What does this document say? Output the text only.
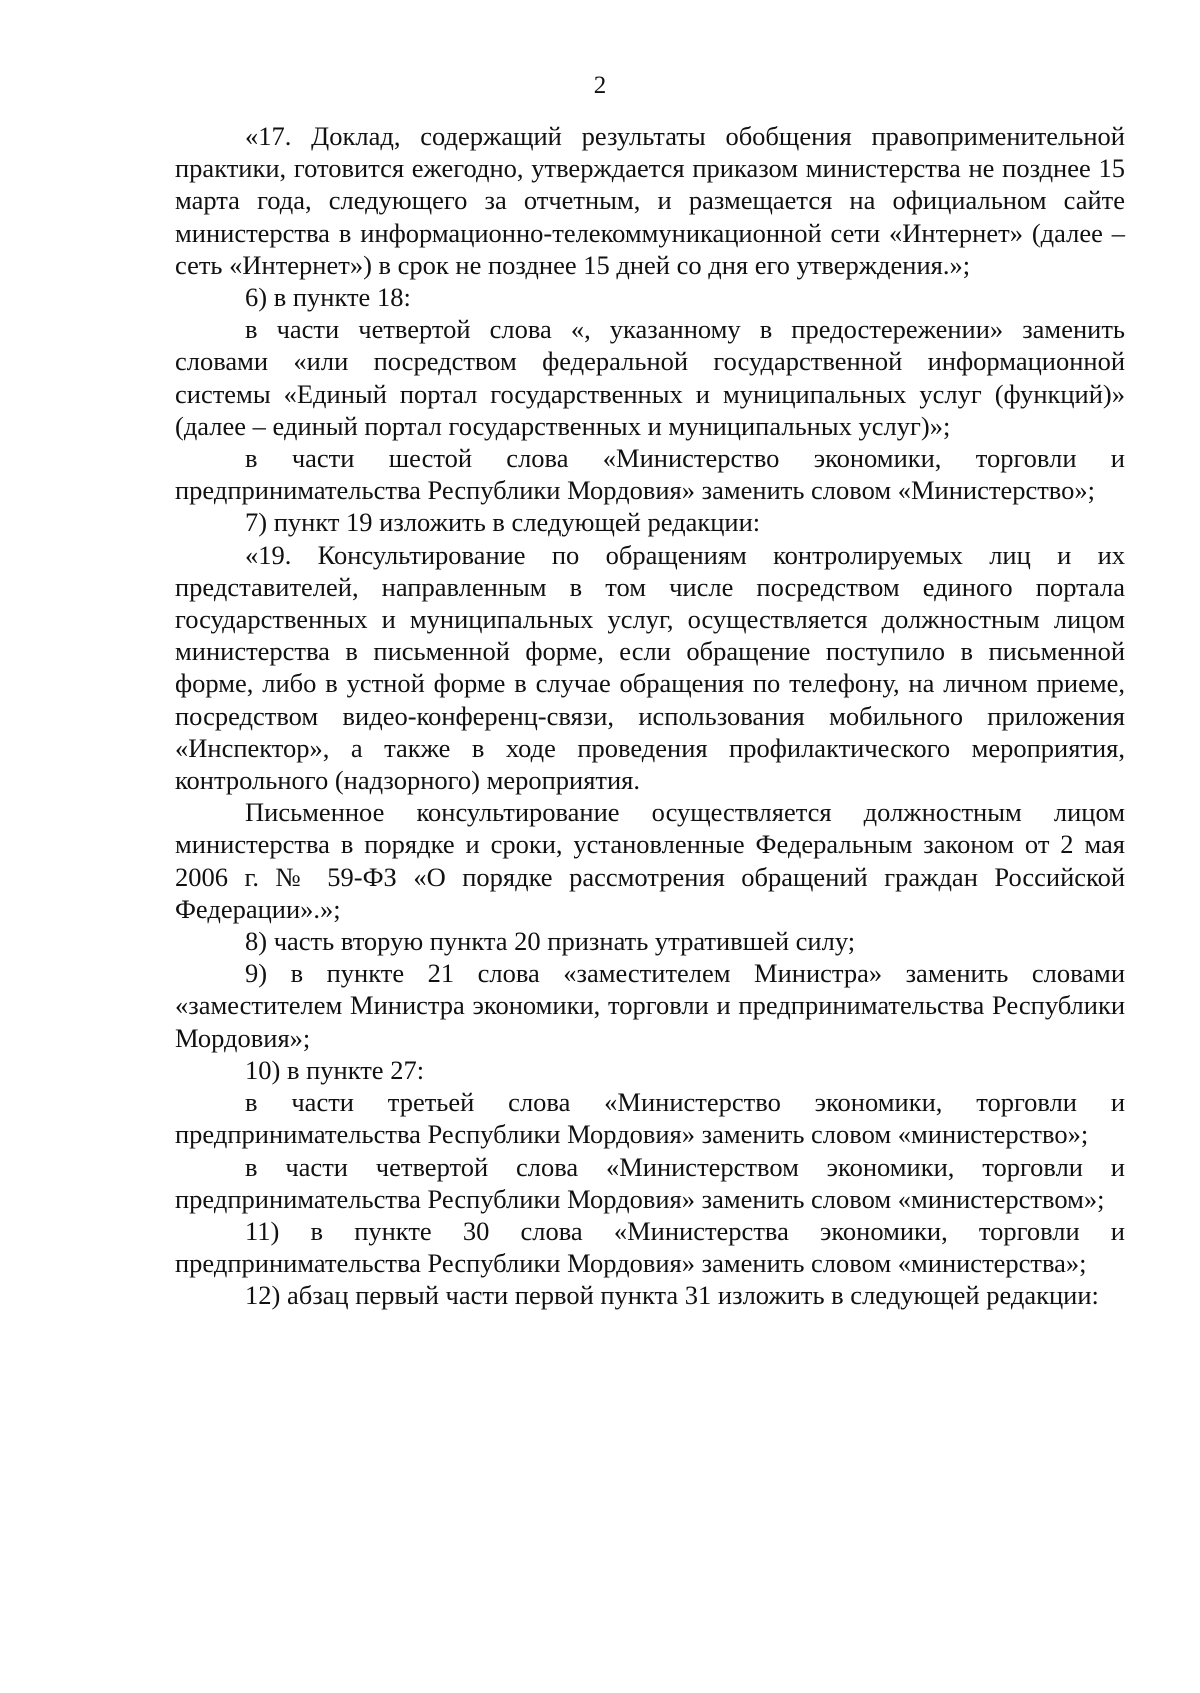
2

«17. Доклад, содержащий результаты обобщения правоприменительной практики, готовится ежегодно, утверждается приказом министерства не позднее 15 марта года, следующего за отчетным, и размещается на официальном сайте министерства в информационно-телекоммуникационной сети «Интернет» (далее – сеть «Интернет») в срок не позднее 15 дней со дня его утверждения.»;

6) в пункте 18:

в части четвертой слова «, указанному в предостережении» заменить словами «или посредством федеральной государственной информационной системы «Единый портал государственных и муниципальных услуг (функций)» (далее – единый портал государственных и муниципальных услуг)»;

в части шестой слова «Министерство экономики, торговли и предпринимательства Республики Мордовия» заменить словом «Министерство»;

7) пункт 19 изложить в следующей редакции:

«19. Консультирование по обращениям контролируемых лиц и их представителей, направленным в том числе посредством единого портала государственных и муниципальных услуг, осуществляется должностным лицом министерства в письменной форме, если обращение поступило в письменной форме, либо в устной форме в случае обращения по телефону, на личном приеме, посредством видео-конференц-связи, использования мобильного приложения «Инспектор», а также в ходе проведения профилактического мероприятия, контрольного (надзорного) мероприятия.

Письменное консультирование осуществляется должностным лицом министерства в порядке и сроки, установленные Федеральным законом от 2 мая 2006 г. № 59-ФЗ «О порядке рассмотрения обращений граждан Российской Федерации».»;

8) часть вторую пункта 20 признать утратившей силу;

9) в пункте 21 слова «заместителем Министра» заменить словами «заместителем Министра экономики, торговли и предпринимательства Республики Мордовия»;

10) в пункте 27:

в части третьей слова «Министерство экономики, торговли и предпринимательства Республики Мордовия» заменить словом «министерство»;

в части четвертой слова «Министерством экономики, торговли и предпринимательства Республики Мордовия» заменить словом «министерством»;

11) в пункте 30 слова «Министерства экономики, торговли и предпринимательства Республики Мордовия» заменить словом «министерства»;

12) абзац первый части первой пункта 31 изложить в следующей редакции:
